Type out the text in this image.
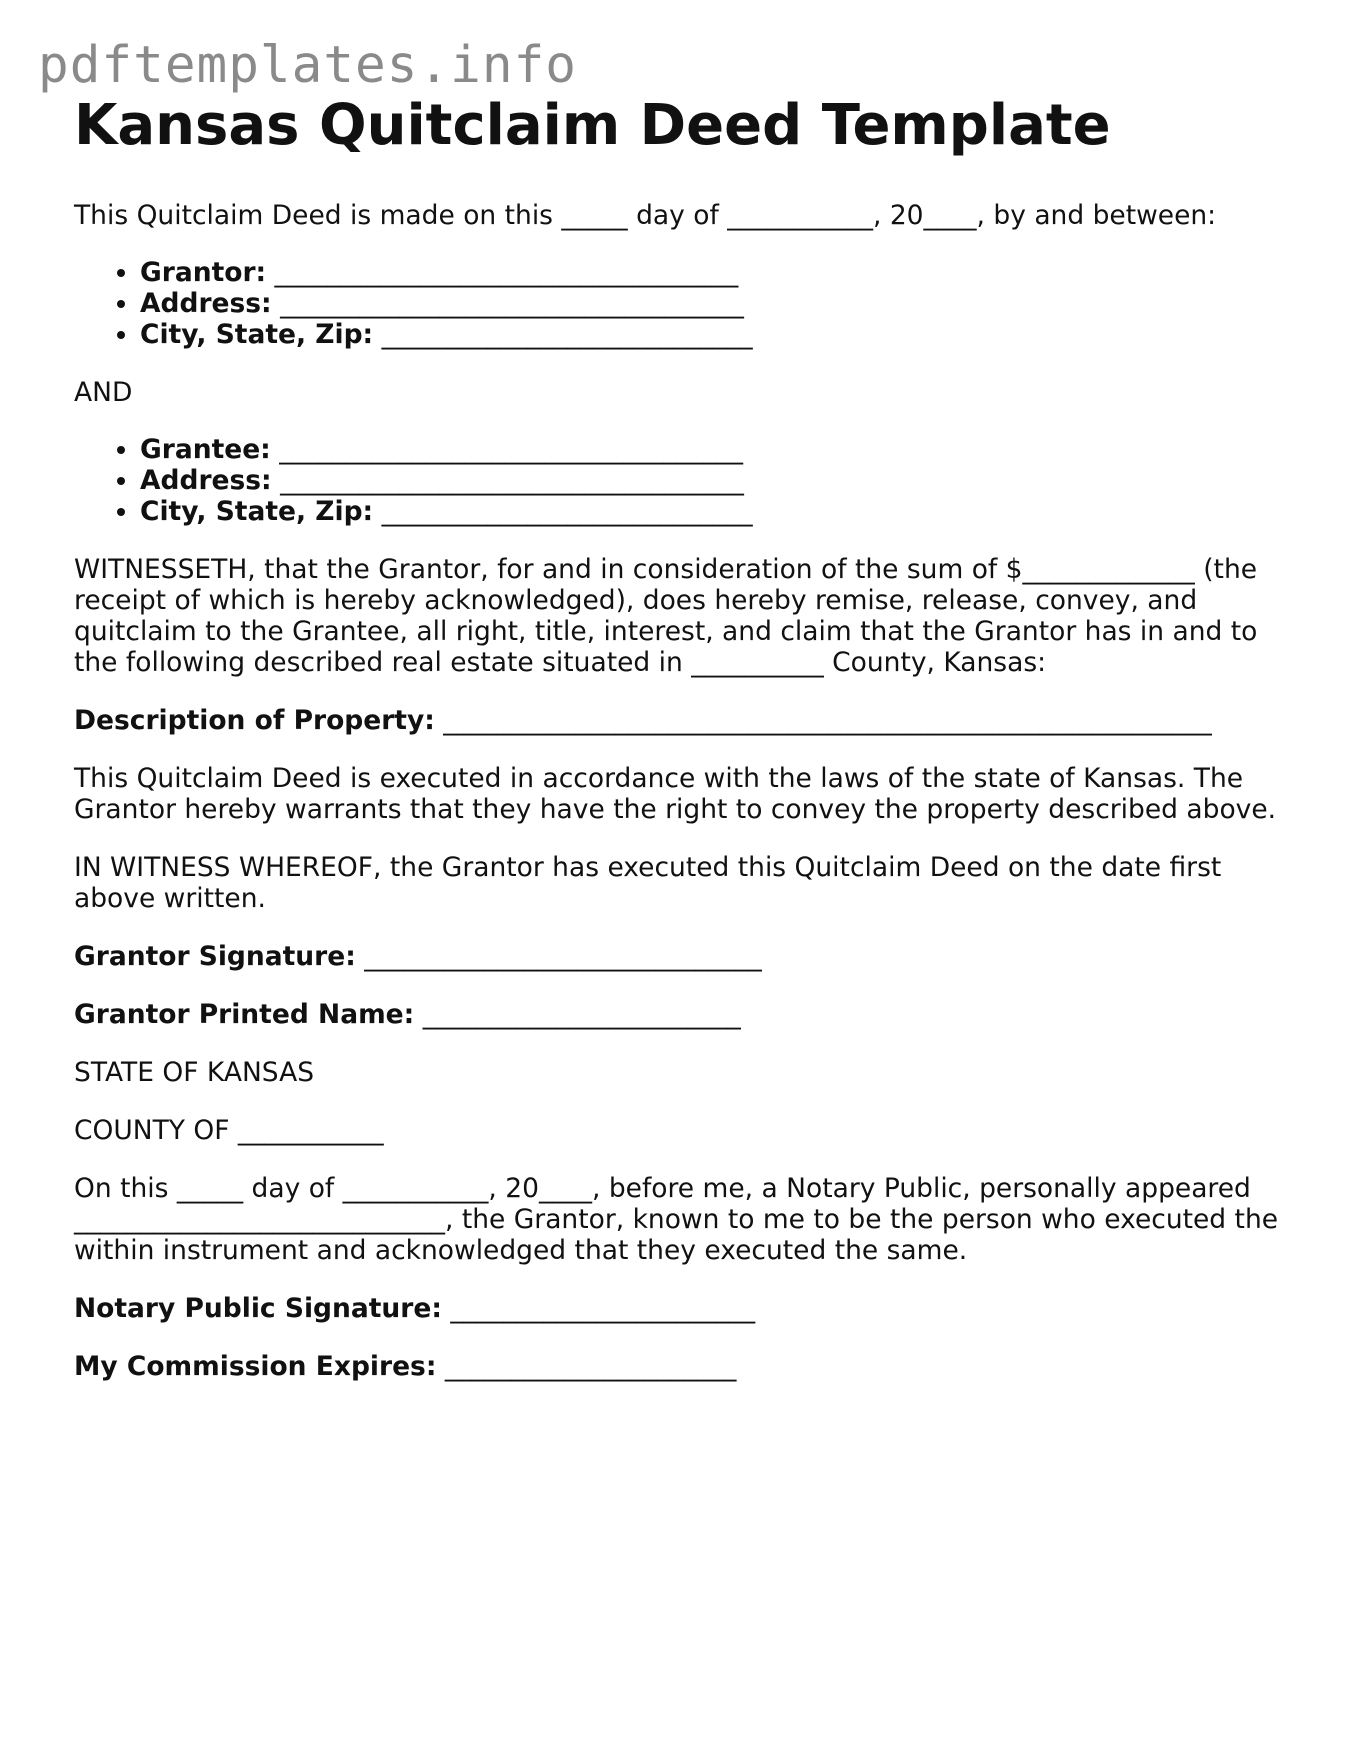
pdftemplates.info
Kansas Quitclaim Deed Template

This Quitclaim Deed is made on this _____ day of ___________, 20____, by and between:

• Grantor: ___________________________________
• Address: ___________________________________
• City, State, Zip: ____________________________

AND

• Grantee: ___________________________________
• Address: ___________________________________
• City, State, Zip: ____________________________

WITNESSETH, that the Grantor, for and in consideration of the sum of $_____________ (the receipt of which is hereby acknowledged), does hereby remise, release, convey, and quitclaim to the Grantee, all right, title, interest, and claim that the Grantor has in and to the following described real estate situated in __________ County, Kansas:

Description of Property: __________________________________________________________

This Quitclaim Deed is executed in accordance with the laws of the state of Kansas. The Grantor hereby warrants that they have the right to convey the property described above.

IN WITNESS WHEREOF, the Grantor has executed this Quitclaim Deed on the date first above written.

Grantor Signature: ______________________________

Grantor Printed Name: ________________________

STATE OF KANSAS

COUNTY OF ___________

On this _____ day of ___________, 20____, before me, a Notary Public, personally appeared ____________________________, the Grantor, known to me to be the person who executed the within instrument and acknowledged that they executed the same.

Notary Public Signature: _______________________

My Commission Expires: ______________________
